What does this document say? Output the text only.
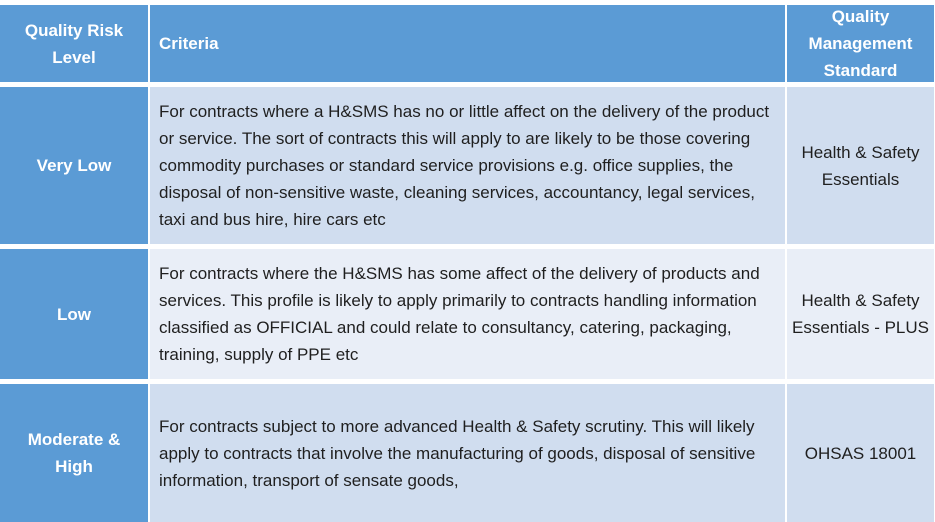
Quality Risk Level
Criteria
Quality Management Standard
Very Low
For contracts where a H&SMS has no or little affect on the delivery of the product or service. The sort of contracts this will apply to are likely to be those covering commodity purchases or standard service provisions e.g. office supplies, the disposal of non-sensitive waste, cleaning services, accountancy, legal services, taxi and bus hire, hire cars etc
Health & Safety Essentials
Low
For contracts where the H&SMS has some affect of the delivery of products and services. This profile is likely to apply primarily to contracts handling information classified as OFFICIAL and could relate to consultancy, catering, packaging, training, supply of PPE etc
Health & Safety Essentials - PLUS
Moderate & High
For contracts subject to more advanced Health & Safety scrutiny. This will likely apply to contracts that involve the manufacturing of goods, disposal of sensitive information, transport of sensate goods,
OHSAS 18001
